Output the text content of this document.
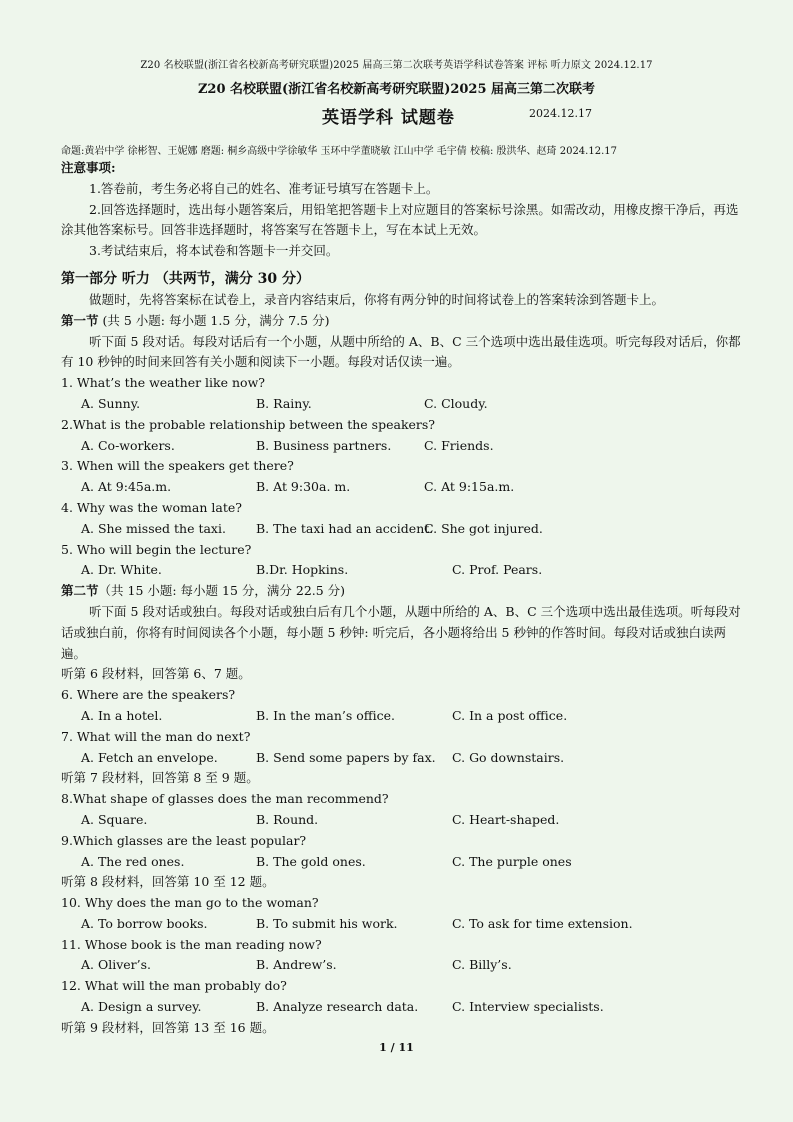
Z20 名校联盟(浙江省名校新高考研究联盟)2025 届高三第二次联考英语学科试卷答案 评标 听力原文 2024.12.17
Z20 名校联盟(浙江省名校新高考研究联盟)2025 届高三第二次联考
英语学科 试题卷	2024.12.17
命题:黄岩中学 徐彬智、王妮娜 磨题: 桐乡高级中学徐敏华 玉环中学董晓敏 江山中学 毛宇倩 校稿: 殷洪华、赵琦 2024.12.17
注意事项:
1.答卷前，考生务必将自己的姓名、准考证号填写在答题卡上。
2.回答选择题时，选出每小题答案后，用铅笔把答题卡上对应题目的答案标号涂黑。如需改动，用橡皮擦干净后，再选涂其他答案标号。回答非选择题时，将答案写在答题卡上，写在本试上无效。
3.考试结束后，将本试卷和答题卡一并交回。
第一部分 听力 （共两节，满分 30 分）
做题时，先将答案标在试卷上，录音内容结束后，你将有两分钟的时间将试卷上的答案转涂到答题卡上。
第一节 (共 5 小题: 每小题 1.5 分，满分 7.5 分)
听下面 5 段对话。每段对话后有一个小题，从题中所给的 A、B、C 三个选项中选出最佳选项。听完每段对话后，你都有 10 秒钟的时间来回答有关小题和阅读下一小题。每段对话仅读一遍。
1. What’s the weather like now?
A. Sunny.	B. Rainy.	C. Cloudy.
2.What is the probable relationship between the speakers?
A. Co-workers.	B. Business partners.	C. Friends.
3. When will the speakers get there?
A. At 9:45a.m.	B. At 9:30a. m.	C. At 9:15a.m.
4. Why was the woman late?
A. She missed the taxi. B. The taxi had an accident.
C. She got injured.
5. Who will begin the lecture?
A. Dr. White.	B.Dr. Hopkins.	C. Prof. Pears.
第二节（共 15 小题: 每小题 15 分，满分 22.5 分)
听下面 5 段对话或独白。每段对话或独白后有几个小题，从题中所给的 A、B、C 三个选项中选出最佳选项。听每段对话或独白前，你将有时间阅读各个小题，每小题 5 秒钟: 听完后，各小题将给出 5 秒钟的作答时间。每段对话或独白读两遍。
听第 6 段材料，回答第 6、7 题。
6. Where are the speakers?
A. In a hotel.	B. In the man’s office.	C. In a post office.
7. What will the man do next?
A. Fetch an envelope.	B. Send some papers by fax. C. Go downstairs.
听第 7 段材料，回答第 8 至 9 题。
8.What shape of glasses does the man recommend?
A. Square.	B. Round.	C. Heart-shaped.
9.Which glasses are the least popular?
A. The red ones.	B. The gold ones.	C. The purple ones
听第 8 段材料，回答第 10 至 12 题。
10. Why does the man go to the woman?
A. To borrow books.	B. To submit his work.	C. To ask for time extension.
11. Whose book is the man reading now?
A. Oliver’s.	B. Andrew’s.	C. Billy’s.
12. What will the man probably do?
A. Design a survey.	B. Analyze research data.	C. Interview specialists.
听第 9 段材料，回答第 13 至 16 题。
1 / 11
